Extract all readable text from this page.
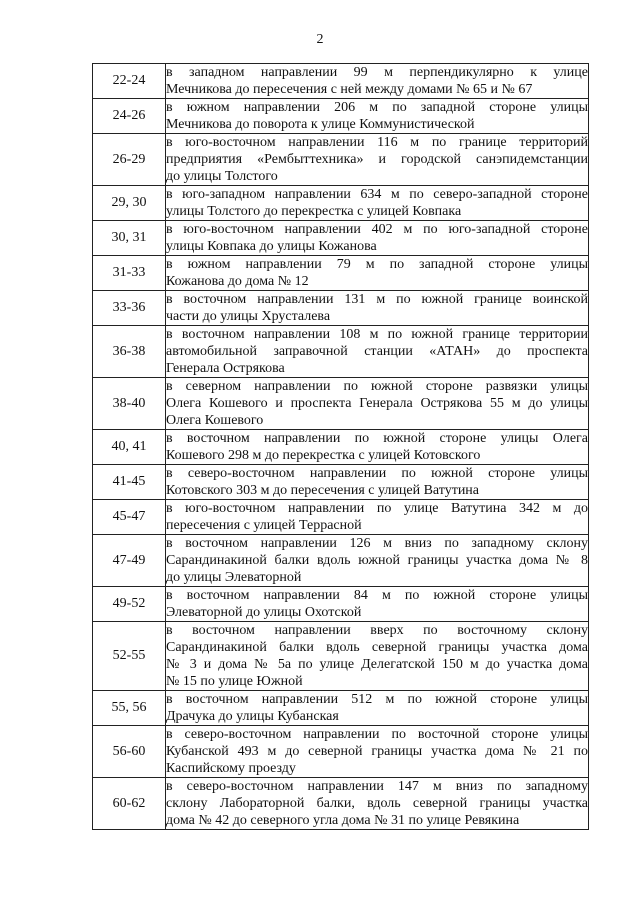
2
22-24	в западном направлении 99 м перпендикулярно к улице
Мечникова до пересечения с ней между домами № 65 и № 67

24-26	в южном направлении 206 м по западной стороне улицы
Мечникова до поворота к улице Коммунистической

26-29	в юго-восточном направлении 116 м по границе территорий
предприятия «Рембыттехника» и городской санэпидемстанции
до улицы Толстого

29, 30	в юго-западном направлении 634 м по северо-западной стороне
улицы Толстого до перекрестка с улицей Ковпака

30, 31	в юго-восточном направлении 402 м по юго-западной стороне
улицы Ковпака до улицы Кожанова

31-33	в южном направлении 79 м по западной стороне улицы
Кожанова до дома № 12

33-36	в восточном направлении 131 м по южной границе воинской
части до улицы Хрусталева

36-38	в восточном направлении 108 м по южной границе территории
автомобильной заправочной станции «АТАН» до проспекта
Генерала Острякова

38-40	в северном направлении по южной стороне развязки улицы
Олега Кошевого и проспекта Генерала Острякова 55 м до улицы
Олега Кошевого

40, 41	в восточном направлении по южной стороне улицы Олега
Кошевого 298 м до перекрестка с улицей Котовского

41-45	в северо-восточном направлении по южной стороне улицы
Котовского 303 м до пересечения с улицей Ватутина

45-47	в юго-восточном направлении по улице Ватутина 342 м до
пересечения с улицей Террасной

47-49	в восточном направлении 126 м вниз по западному склону
Сарандинакиной балки вдоль южной границы участка дома № 8
до улицы Элеваторной

49-52	в восточном направлении 84 м по южной стороне улицы
Элеваторной до улицы Охотской

52-55	в восточном направлении вверх по восточному склону
Сарандинакиной балки вдоль северной границы участка дома
№ 3 и дома № 5а по улице Делегатской 150 м до участка дома
№ 15 по улице Южной

55, 56	в восточном направлении 512 м по южной стороне улицы
Драчука до улицы Кубанская

56-60	в северо-восточном направлении по восточной стороне улицы
Кубанской 493 м до северной границы участка дома № 21 по
Каспийскому проезду

60-62	в северо-восточном направлении 147 м вниз по западному
склону Лабораторной балки, вдоль северной границы участка
дома № 42 до северного угла дома № 31 по улице Ревякина
